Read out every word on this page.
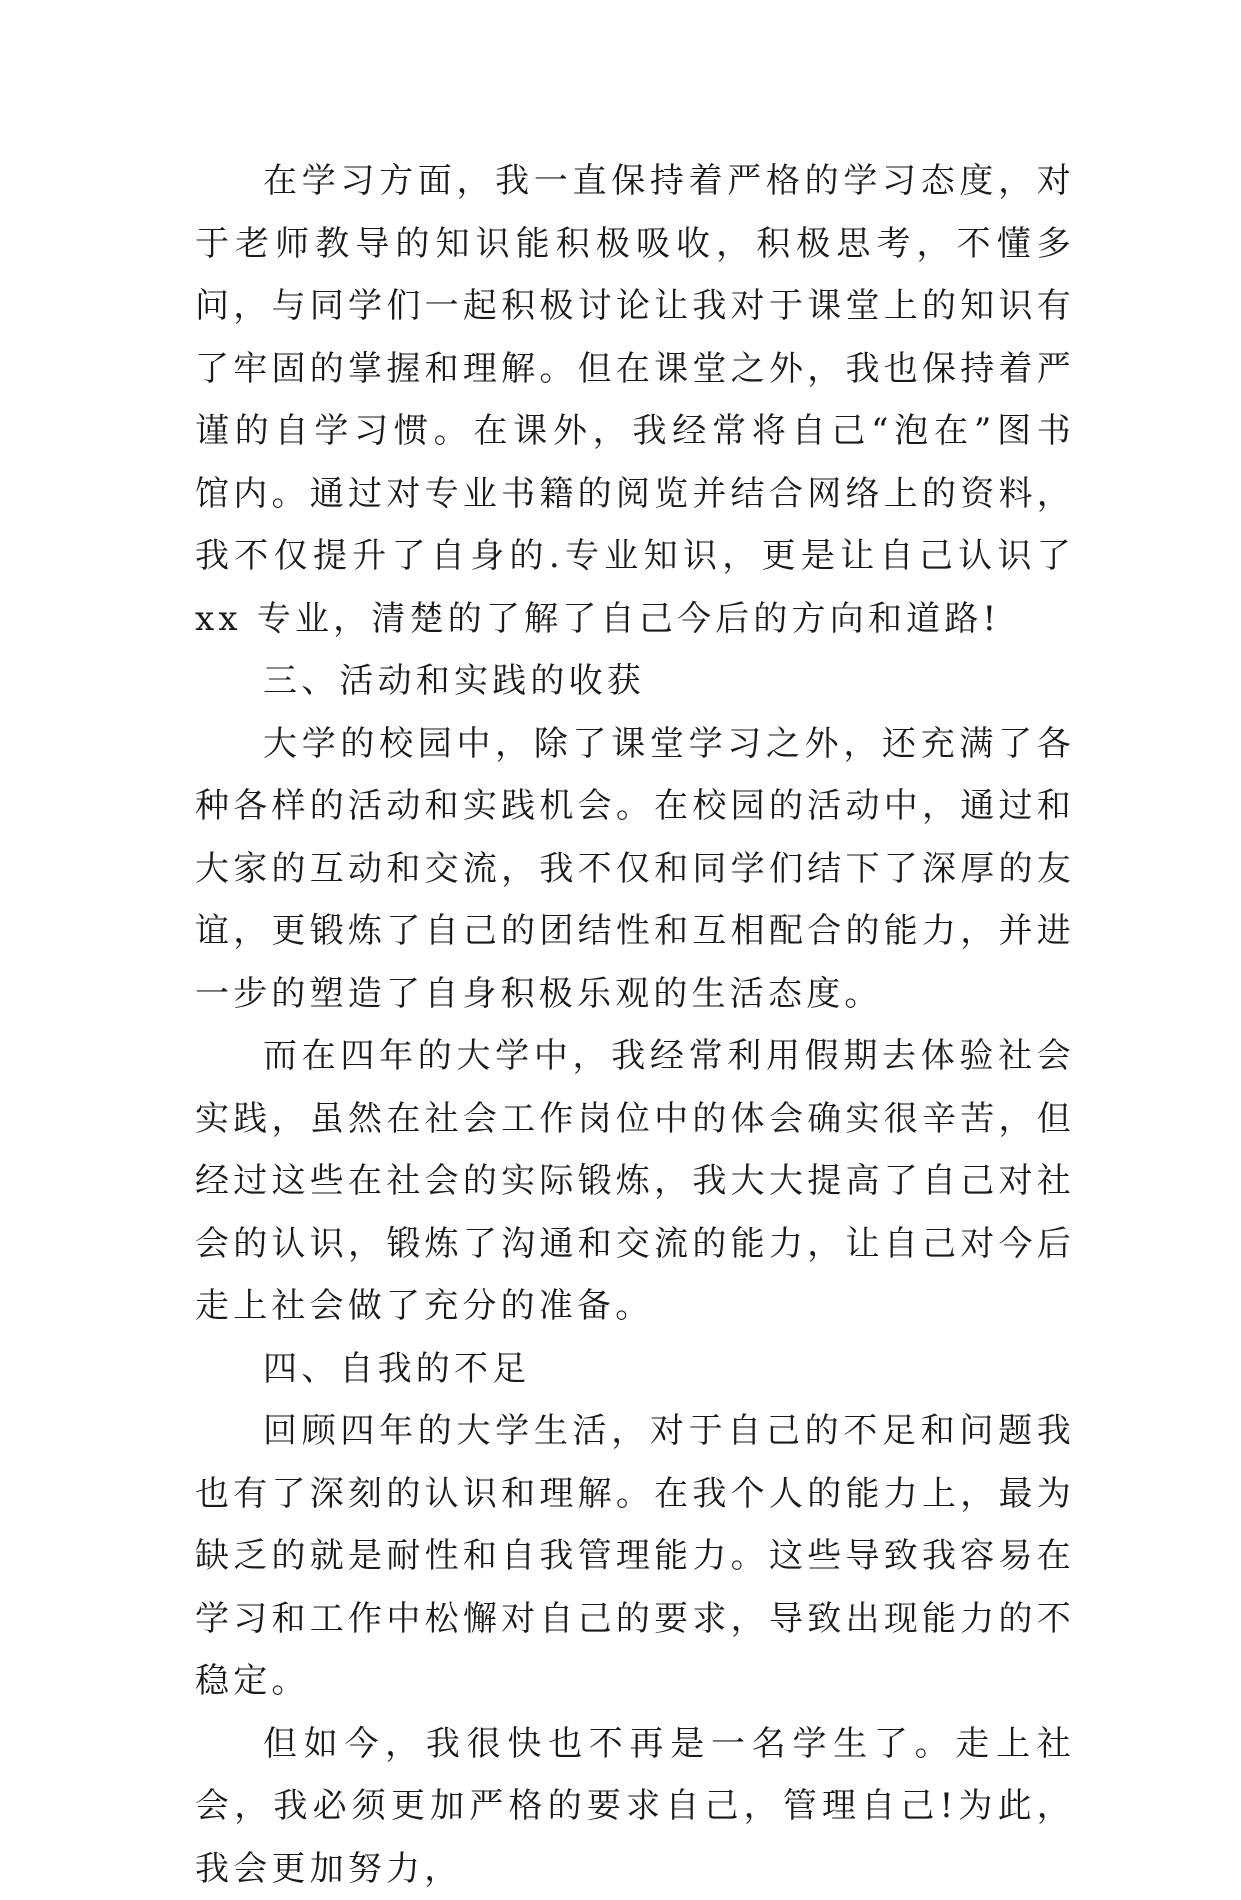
在学习方面，我一直保持着严格的学习态度，对于老师教导的知识能积极吸收，积极思考，不懂多问，与同学们一起积极讨论让我对于课堂上的知识有了牢固的掌握和理解。但在课堂之外，我也保持着严谨的自学习惯。在课外，我经常将自己“泡在”图书馆内。通过对专业书籍的阅览并结合网络上的资料，我不仅提升了自身的.专业知识，更是让自己认识了 xx 专业，清楚的了解了自己今后的方向和道路!

三、活动和实践的收获

大学的校园中，除了课堂学习之外，还充满了各种各样的活动和实践机会。在校园的活动中，通过和大家的互动和交流，我不仅和同学们结下了深厚的友谊，更锻炼了自己的团结性和互相配合的能力，并进一步的塑造了自身积极乐观的生活态度。

而在四年的大学中，我经常利用假期去体验社会实践，虽然在社会工作岗位中的体会确实很辛苦，但经过这些在社会的实际锻炼，我大大提高了自己对社会的认识，锻炼了沟通和交流的能力，让自己对今后走上社会做了充分的准备。

四、自我的不足

回顾四年的大学生活，对于自己的不足和问题我也有了深刻的认识和理解。在我个人的能力上，最为缺乏的就是耐性和自我管理能力。这些导致我容易在学习和工作中松懈对自己的要求，导致出现能力的不稳定。

但如今，我很快也不再是一名学生了。走上社会，我必须更加严格的要求自己，管理自己!为此，我会更加努力，
